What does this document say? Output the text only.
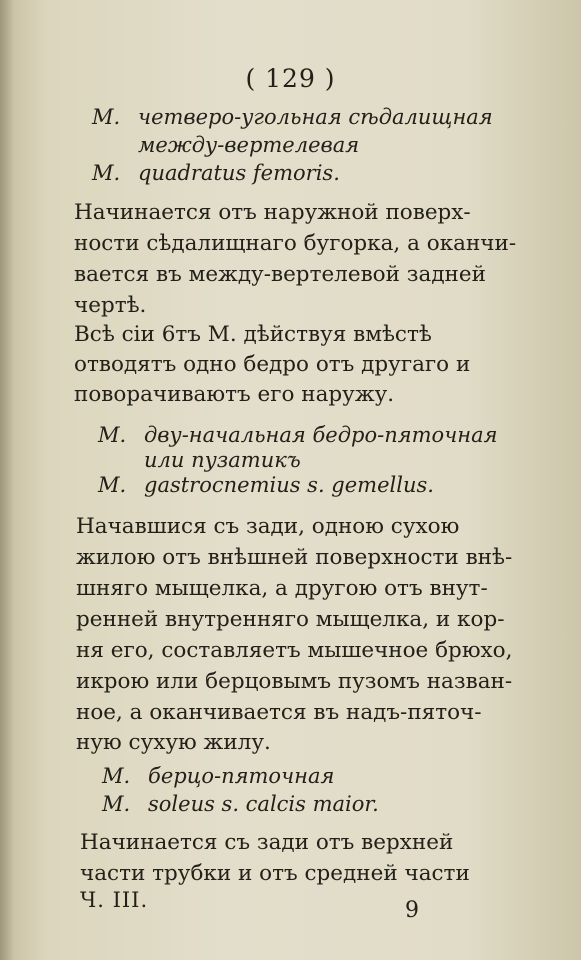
( 129 )
M. четверо-угольная сѣдалищная
между-вертелевая
M. quadratus femoris.
Начинается отъ наружной поверх-
ности сѣдалищнаго бугорка, а оканчи-
вается въ между-вертелевой задней
чертѣ.
Всѣ сіи 6тъ М. дѣйствуя вмѣстѣ
отводятъ одно бедро отъ другаго и
поворачиваютъ его наружу.
M. дву-начальная бедро-пяточная
или пузатикъ
M. gastrocnemius s. gemellus.
Начавшися съ зади, одною сухою
жилою отъ внѣшней поверхности внѣ-
шняго мыщелка, а другою отъ внут-
ренней внутренняго мыщелка, и кор-
ня его, составляетъ мышечное брюхо,
икрою или берцовымъ пузомъ назван-
ное, а оканчивается въ надъ-пяточ-
ную сухую жилу.
M. берцо-пяточная
M. soleus s. calcis maior.
Начинается съ зади отъ верхней
части трубки и отъ средней части
Ч. III.	9
